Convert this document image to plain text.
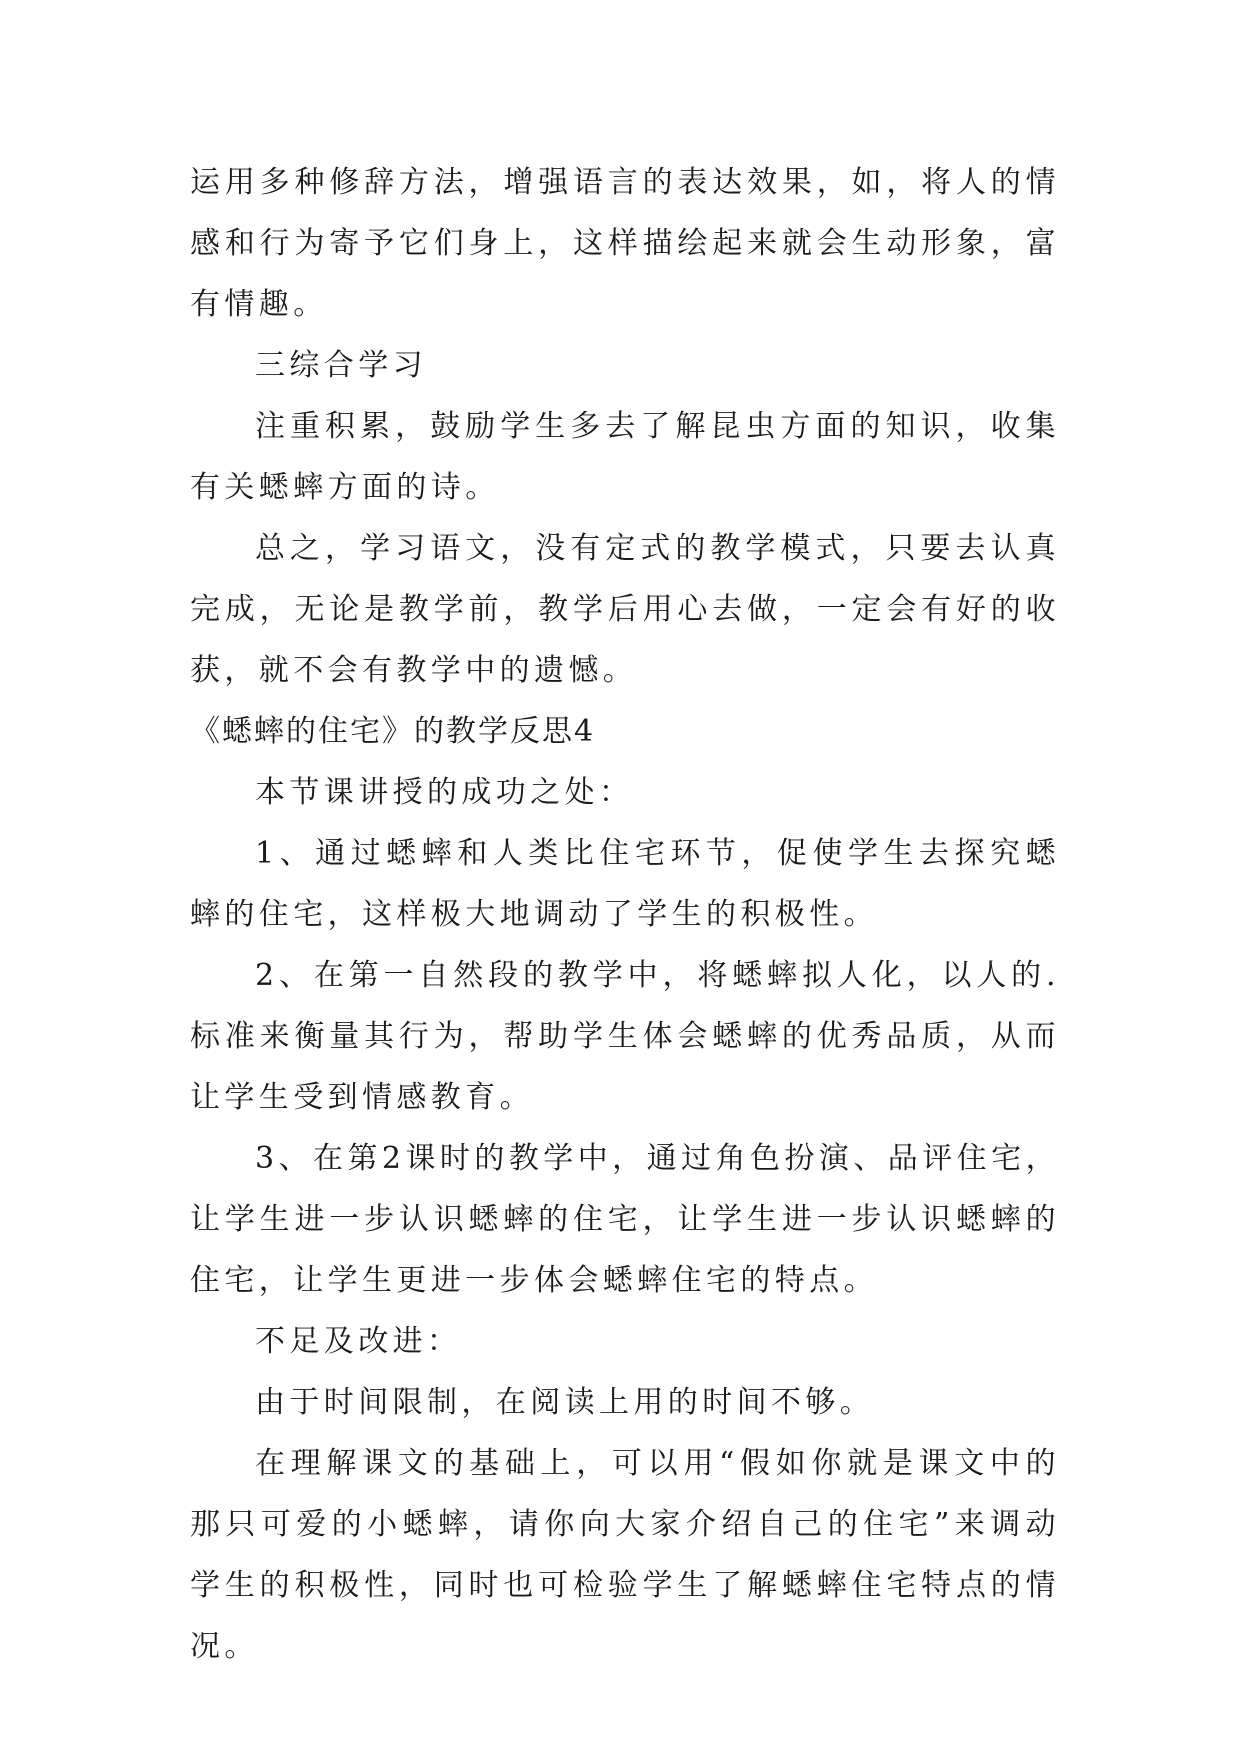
运用多种修辞方法，增强语言的表达效果，如，将人的情感和行为寄予它们身上，这样描绘起来就会生动形象，富有情趣。

三综合学习

注重积累，鼓励学生多去了解昆虫方面的知识，收集有关蟋蟀方面的诗。

总之，学习语文，没有定式的教学模式，只要去认真完成，无论是教学前，教学后用心去做，一定会有好的收获，就不会有教学中的遗憾。

《蟋蟀的住宅》的教学反思4

本节课讲授的成功之处：

1、通过蟋蟀和人类比住宅环节，促使学生去探究蟋蟀的住宅，这样极大地调动了学生的积极性。

2、在第一自然段的教学中，将蟋蟀拟人化，以人的.标准来衡量其行为，帮助学生体会蟋蟀的优秀品质，从而让学生受到情感教育。

3、在第2课时的教学中，通过角色扮演、品评住宅，让学生进一步认识蟋蟀的住宅，让学生进一步认识蟋蟀的住宅，让学生更进一步体会蟋蟀住宅的特点。

不足及改进：

由于时间限制，在阅读上用的时间不够。

在理解课文的基础上，可以用“假如你就是课文中的那只可爱的小蟋蟀，请你向大家介绍自己的住宅”来调动学生的积极性，同时也可检验学生了解蟋蟀住宅特点的情况。
